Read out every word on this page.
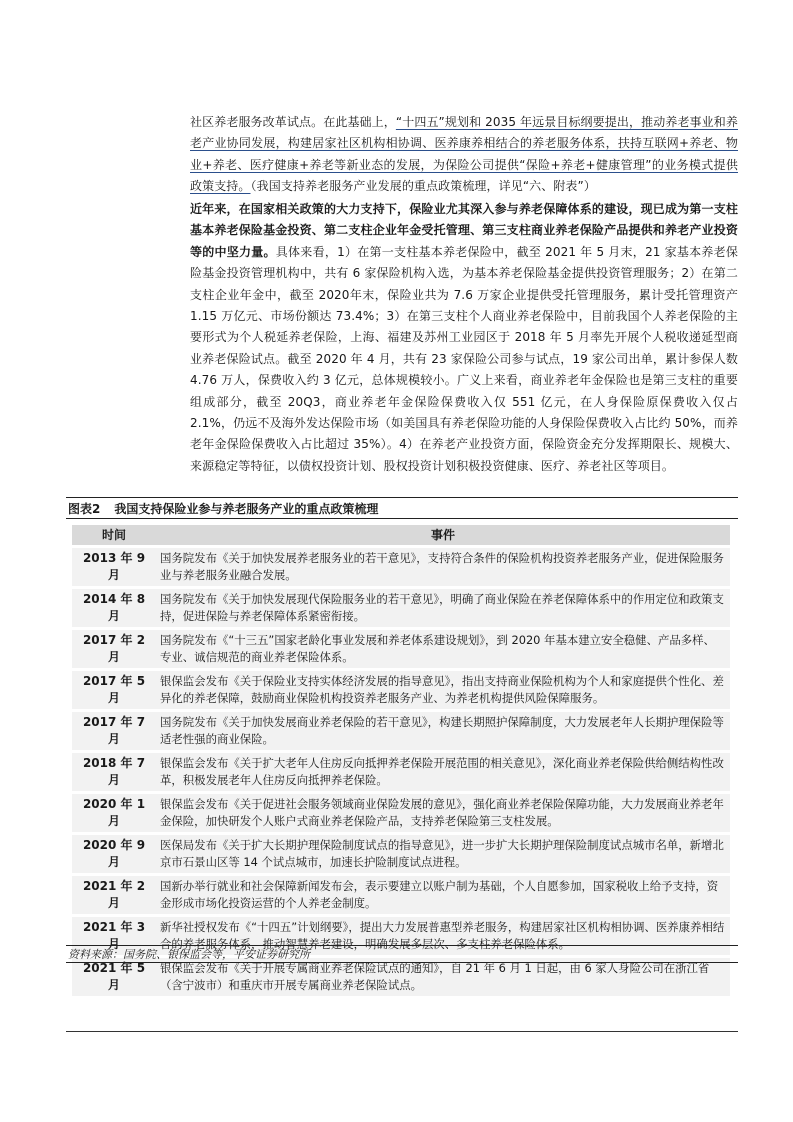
社区养老服务改革试点。在此基础上，“十四五”规划和 2035 年远景目标纲要提出，推动养老事业和养老产业协同发展，构建居家社区机构相协调、医养康养相结合的养老服务体系，扶持互联网+养老、物业+养老、医疗健康+养老等新业态的发展，为保险公司提供“保险+养老+健康管理”的业务模式提供政策支持。（我国支持养老服务产业发展的重点政策梳理，详见“六、附表”）
近年来，在国家相关政策的大力支持下，保险业尤其深入参与养老保障体系的建设，现已成为第一支柱基本养老保险基金投资、第二支柱企业年金受托管理、第三支柱商业养老保险产品提供和养老产业投资等的中坚力量。具体来看，1）在第一支柱基本养老保险中，截至 2021 年 5 月末，21 家基本养老保险基金投资管理机构中，共有 6 家保险机构入选，为基本养老保险基金提供投资管理服务；2）在第二支柱企业年金中，截至 2020年末，保险业共为 7.6 万家企业提供受托管理服务，累计受托管理资产 1.15 万亿元、市场份额达 73.4%；3）在第三支柱个人商业养老保险中，目前我国个人养老保险的主要形式为个人税延养老保险，上海、福建及苏州工业园区于 2018 年 5 月率先开展个人税收递延型商业养老保险试点。截至 2020 年 4 月，共有 23 家保险公司参与试点，19 家公司出单，累计参保人数 4.76 万人，保费收入约 3 亿元，总体规模较小。广义上来看，商业养老年金保险也是第三支柱的重要组成部分，截至 20Q3，商业养老年金保险保费收入仅 551 亿元，在人身保险原保费收入仅占 2.1%，仍远不及海外发达保险市场（如美国具有养老保险功能的人身保险保费收入占比约 50%，而养老年金保险保费收入占比超过 35%）。4）在养老产业投资方面，保险资金充分发挥期限长、规模大、来源稳定等特征，以债权投资计划、股权投资计划积极投资健康、医疗、养老社区等项目。
图表2 我国支持保险业参与养老服务产业的重点政策梳理
时间	事件
2013 年 9 月	国务院发布《关于加快发展养老服务业的若干意见》，支持符合条件的保险机构投资养老服务产业，促进保险服务业与养老服务业融合发展。
2014 年 8 月	国务院发布《关于加快发展现代保险服务业的若干意见》，明确了商业保险在养老保障体系中的作用定位和政策支持，促进保险与养老保障体系紧密衔接。
2017 年 2 月	国务院发布《“十三五”国家老龄化事业发展和养老体系建设规划》，到 2020 年基本建立安全稳健、产品多样、专业、诚信规范的商业养老保险体系。
2017 年 5 月	银保监会发布《关于保险业支持实体经济发展的指导意见》，指出支持商业保险机构为个人和家庭提供个性化、差异化的养老保障，鼓励商业保险机构投资养老服务产业、为养老机构提供风险保障服务。
2017 年 7 月	国务院发布《关于加快发展商业养老保险的若干意见》，构建长期照护保障制度，大力发展老年人长期护理保险等适老性强的商业保险。
2018 年 7 月	银保监会发布《关于扩大老年人住房反向抵押养老保险开展范围的相关意见》，深化商业养老保险供给侧结构性改革，积极发展老年人住房反向抵押养老保险。
2020 年 1 月	银保监会发布《关于促进社会服务领域商业保险发展的意见》，强化商业养老保险保障功能，大力发展商业养老年金保险，加快研发个人账户式商业养老保险产品，支持养老保险第三支柱发展。
2020 年 9 月	医保局发布《关于扩大长期护理保险制度试点的指导意见》，进一步扩大长期护理保险制度试点城市名单，新增北京市石景山区等 14 个试点城市，加速长护险制度试点进程。
2021 年 2 月	国新办举行就业和社会保障新闻发布会，表示要建立以账户制为基础，个人自愿参加，国家税收上给予支持，资金形成市场化投资运营的个人养老金制度。
2021 年 3 月	新华社授权发布《“十四五”计划纲要》，提出大力发展普惠型养老服务，构建居家社区机构相协调、医养康养相结合的养老服务体系，推动智慧养老建设，明确发展多层次、多支柱养老保险体系。
2021 年 5 月	银保监会发布《关于开展专属商业养老保险试点的通知》，自 21 年 6 月 1 日起，由 6 家人身险公司在浙江省（含宁波市）和重庆市开展专属商业养老保险试点。
资料来源：国务院、银保监会等，平安证券研究所
